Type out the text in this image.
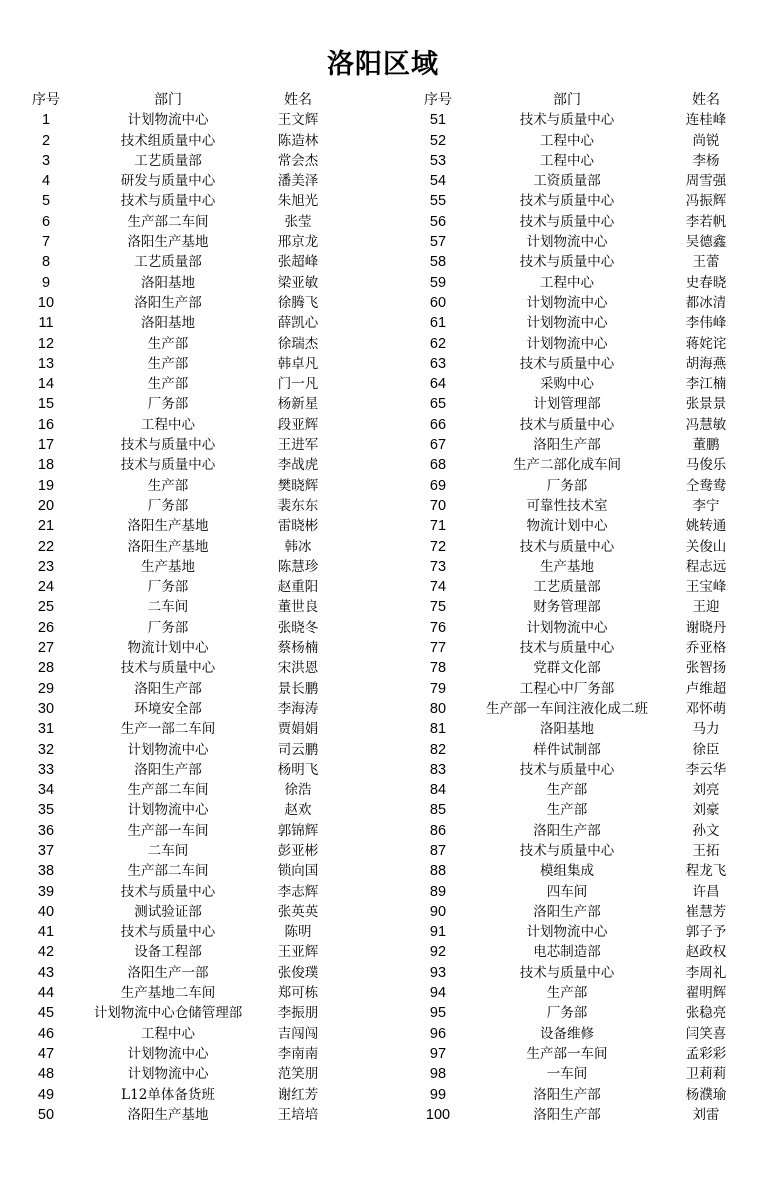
洛阳区域
序号	部门	姓名
1	计划物流中心	王文辉
2	技术组质量中心	陈造林
3	工艺质量部	常会杰
4	研发与质量中心	潘美泽
5	技术与质量中心	朱旭光
6	生产部二车间	张莹
7	洛阳生产基地	邢京龙
8	工艺质量部	张超峰
9	洛阳基地	梁亚敏
10	洛阳生产部	徐腾飞
11	洛阳基地	薛凯心
12	生产部	徐瑞杰
13	生产部	韩卓凡
14	生产部	门一凡
15	厂务部	杨新星
16	工程中心	段亚辉
17	技术与质量中心	王进军
18	技术与质量中心	李战虎
19	生产部	樊晓辉
20	厂务部	裴东东
21	洛阳生产基地	雷晓彬
22	洛阳生产基地	韩冰
23	生产基地	陈慧珍
24	厂务部	赵重阳
25	二车间	董世良
26	厂务部	张晓冬
27	物流计划中心	蔡杨楠
28	技术与质量中心	宋洪恩
29	洛阳生产部	景长鹏
30	环境安全部	李海涛
31	生产一部二车间	贾娟娟
32	计划物流中心	司云鹏
33	洛阳生产部	杨明飞
34	生产部二车间	徐浩
35	计划物流中心	赵欢
36	生产部一车间	郭锦辉
37	二车间	彭亚彬
38	生产部二车间	锁向国
39	技术与质量中心	李志辉
40	测试验证部	张英英
41	技术与质量中心	陈明
42	设备工程部	王亚辉
43	洛阳生产一部	张俊璞
44	生产基地二车间	郑可栋
45	计划物流中心仓储管理部	李振朋
46	工程中心	吉闯闯
47	计划物流中心	李南南
48	计划物流中心	范笑朋
49	L12单体备货班	谢红芳
50	洛阳生产基地	王培培
序号	部门	姓名
51	技术与质量中心	连桂峰
52	工程中心	尚锐
53	工程中心	李杨
54	工资质量部	周雪强
55	技术与质量中心	冯振辉
56	技术与质量中心	李若帆
57	计划物流中心	吴德鑫
58	技术与质量中心	王蕾
59	工程中心	史春晓
60	计划物流中心	都冰清
61	计划物流中心	李伟峰
62	计划物流中心	蒋姹诧
63	技术与质量中心	胡海燕
64	采购中心	李江楠
65	计划管理部	张景景
66	技术与质量中心	冯慧敏
67	洛阳生产部	董鹏
68	生产二部化成车间	马俊乐
69	厂务部	仝鸯鸯
70	可靠性技术室	李宁
71	物流计划中心	姚转通
72	技术与质量中心	关俊山
73	生产基地	程志远
74	工艺质量部	王宝峰
75	财务管理部	王迎
76	计划物流中心	谢晓丹
77	技术与质量中心	乔亚格
78	党群文化部	张智扬
79	工程心中厂务部	卢维超
80	生产部一车间注液化成二班	邓怀萌
81	洛阳基地	马力
82	样件试制部	徐臣
83	技术与质量中心	李云华
84	生产部	刘亮
85	生产部	刘豪
86	洛阳生产部	孙文
87	技术与质量中心	王拓
88	模组集成	程龙飞
89	四车间	许昌
90	洛阳生产部	崔慧芳
91	计划物流中心	郭子予
92	电芯制造部	赵政权
93	技术与质量中心	李周礼
94	生产部	翟明辉
95	厂务部	张稳亮
96	设备维修	闫笑喜
97	生产部一车间	孟彩彩
98	一车间	卫莉莉
99	洛阳生产部	杨濮瑜
100	洛阳生产部	刘雷
